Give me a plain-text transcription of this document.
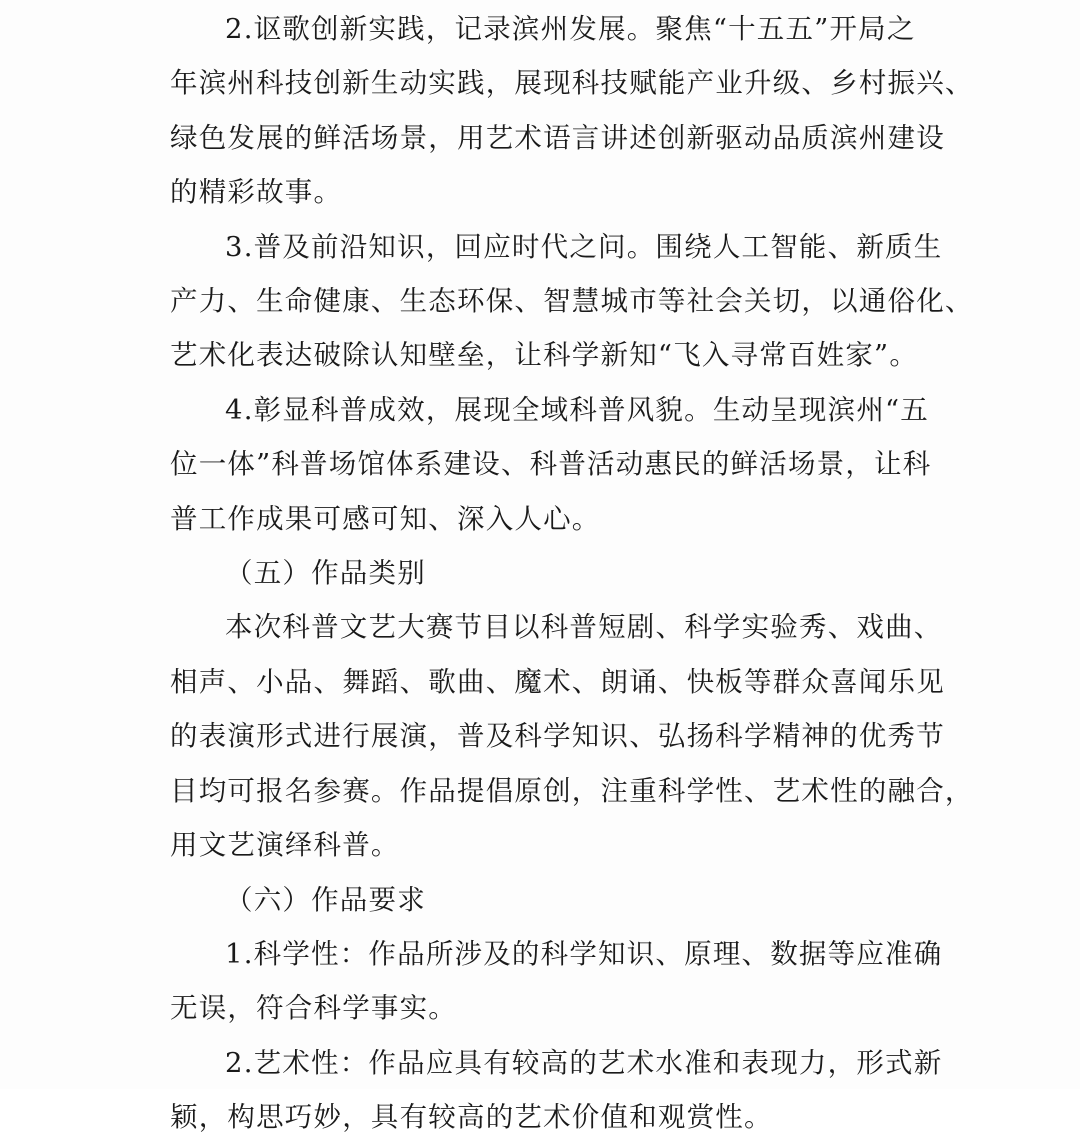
2.讴歌创新实践，记录滨州发展。聚焦“十五五”开局之
年滨州科技创新生动实践，展现科技赋能产业升级、乡村振兴、
绿色发展的鲜活场景，用艺术语言讲述创新驱动品质滨州建设
的精彩故事。
3.普及前沿知识，回应时代之问。围绕人工智能、新质生
产力、生命健康、生态环保、智慧城市等社会关切，以通俗化、
艺术化表达破除认知壁垒，让科学新知“飞入寻常百姓家”。
4.彰显科普成效，展现全域科普风貌。生动呈现滨州“五
位一体”科普场馆体系建设、科普活动惠民的鲜活场景，让科
普工作成果可感可知、深入人心。
（五）作品类别
本次科普文艺大赛节目以科普短剧、科学实验秀、戏曲、
相声、小品、舞蹈、歌曲、魔术、朗诵、快板等群众喜闻乐见
的表演形式进行展演，普及科学知识、弘扬科学精神的优秀节
目均可报名参赛。作品提倡原创，注重科学性、艺术性的融合，
用文艺演绎科普。
（六）作品要求
1.科学性：作品所涉及的科学知识、原理、数据等应准确
无误，符合科学事实。
2.艺术性：作品应具有较高的艺术水准和表现力，形式新
颖，构思巧妙，具有较高的艺术价值和观赏性。
